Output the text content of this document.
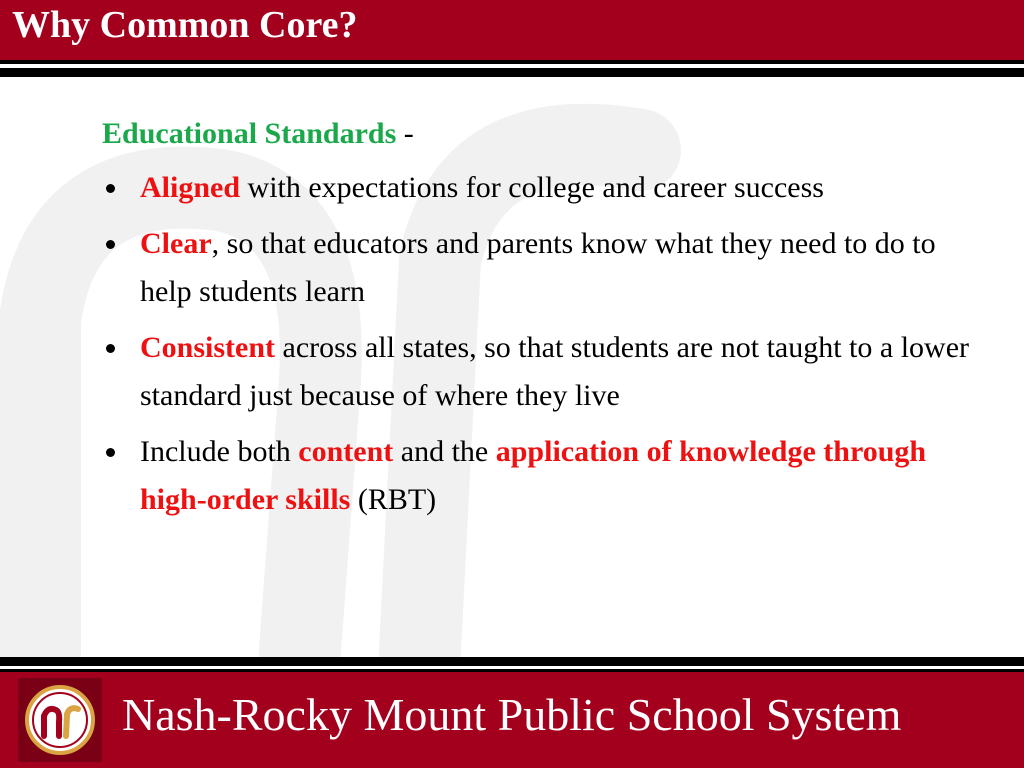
Why Common Core?

Educational Standards -

Aligned with expectations for college and career success
Clear, so that educators and parents know what they need to do to help students learn
Consistent across all states, so that students are not taught to a lower standard just because of where they live
Include both content and the application of knowledge through high-order skills (RBT)

Nash-Rocky Mount Public School System
